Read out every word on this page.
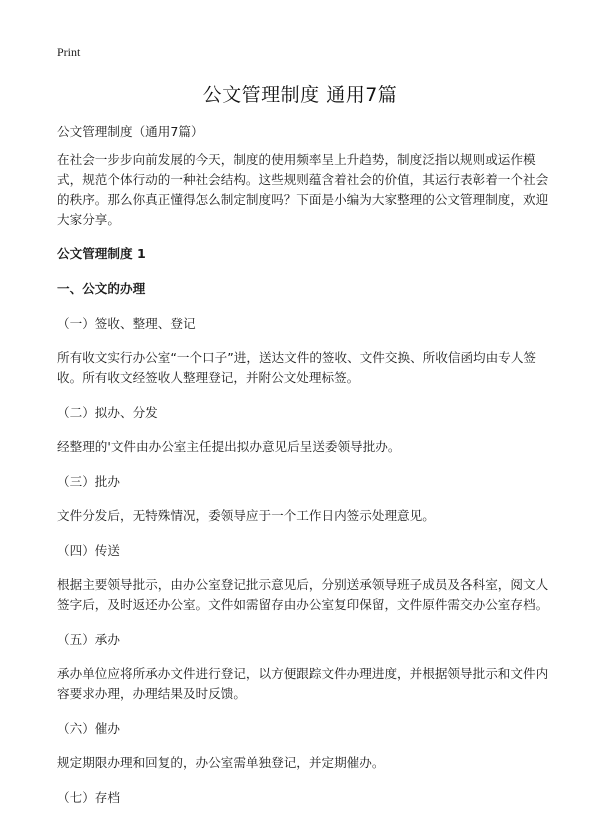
Print
公文管理制度 通用7篇

公文管理制度（通用7篇）

在社会一步步向前发展的今天，制度的使用频率呈上升趋势，制度泛指以规则或运作模式，规范个体行动的一种社会结构。这些规则蕴含着社会的价值，其运行表彰着一个社会的秩序。那么你真正懂得怎么制定制度吗？下面是小编为大家整理的公文管理制度，欢迎大家分享。

公文管理制度 1

一、公文的办理

（一）签收、整理、登记

所有收文实行办公室“一个口子”进，送达文件的签收、文件交换、所收信函均由专人签收。所有收文经签收人整理登记，并附公文处理标签。

（二）拟办、分发

经整理的'文件由办公室主任提出拟办意见后呈送委领导批办。

（三）批办

文件分发后，无特殊情况，委领导应于一个工作日内签示处理意见。

（四）传送

根据主要领导批示，由办公室登记批示意见后，分别送承领导班子成员及各科室，阅文人签字后，及时返还办公室。文件如需留存由办公室复印保留，文件原件需交办公室存档。

（五）承办

承办单位应将所承办文件进行登记，以方便跟踪文件办理进度，并根据领导批示和文件内容要求办理，办理结果及时反馈。

（六）催办

规定期限办理和回复的，办公室需单独登记，并定期催办。

（七）存档
